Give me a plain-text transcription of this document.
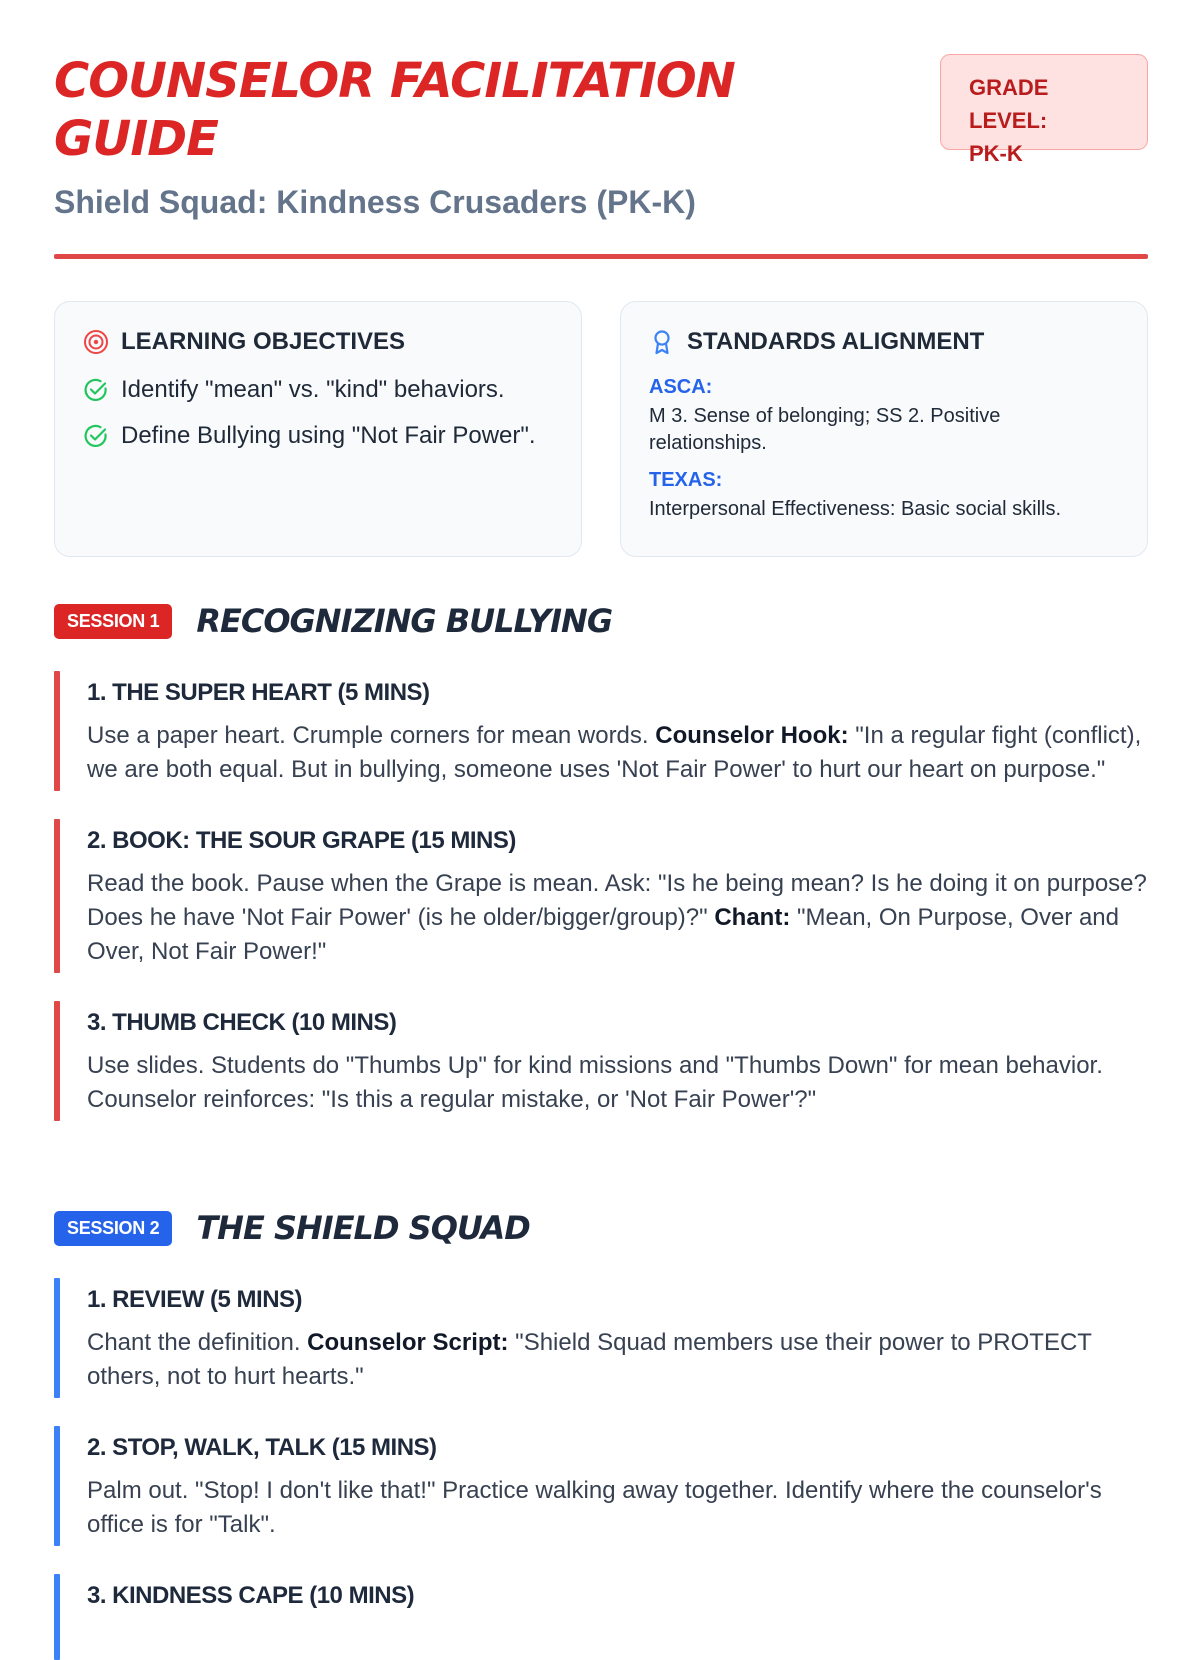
COUNSELOR FACILITATION GUIDE
Shield Squad: Kindness Crusaders (PK-K)
GRADE LEVEL:
PK-K
LEARNING OBJECTIVES
Identify "mean" vs. "kind" behaviors.
Define Bullying using "Not Fair Power".
STANDARDS ALIGNMENT
ASCA:
M 3. Sense of belonging; SS 2. Positive relationships.
TEXAS:
Interpersonal Effectiveness: Basic social skills.
SESSION 1	RECOGNIZING BULLYING
1. THE SUPER HEART (5 MINS)

Use a paper heart. Crumple corners for mean words. Counselor Hook: "In a regular fight (conflict), we are both equal. But in bullying, someone uses 'Not Fair Power' to hurt our heart on purpose."

2. BOOK: THE SOUR GRAPE (15 MINS)

Read the book. Pause when the Grape is mean. Ask: "Is he being mean? Is he doing it on purpose? Does he have 'Not Fair Power' (is he older/bigger/group)?" Chant: "Mean, On Purpose, Over and Over, Not Fair Power!"

3. THUMB CHECK (10 MINS)

Use slides. Students do "Thumbs Up" for kind missions and "Thumbs Down" for mean behavior. Counselor reinforces: "Is this a regular mistake, or 'Not Fair Power'?"

SESSION 2	THE SHIELD SQUAD
1. REVIEW (5 MINS)

Chant the definition. Counselor Script: "Shield Squad members use their power to PROTECT others, not to hurt hearts."

2. STOP, WALK, TALK (15 MINS)

Palm out. "Stop! I don't like that!" Practice walking away together. Identify where the counselor's office is for "Talk".

3. KINDNESS CAPE (10 MINS)
